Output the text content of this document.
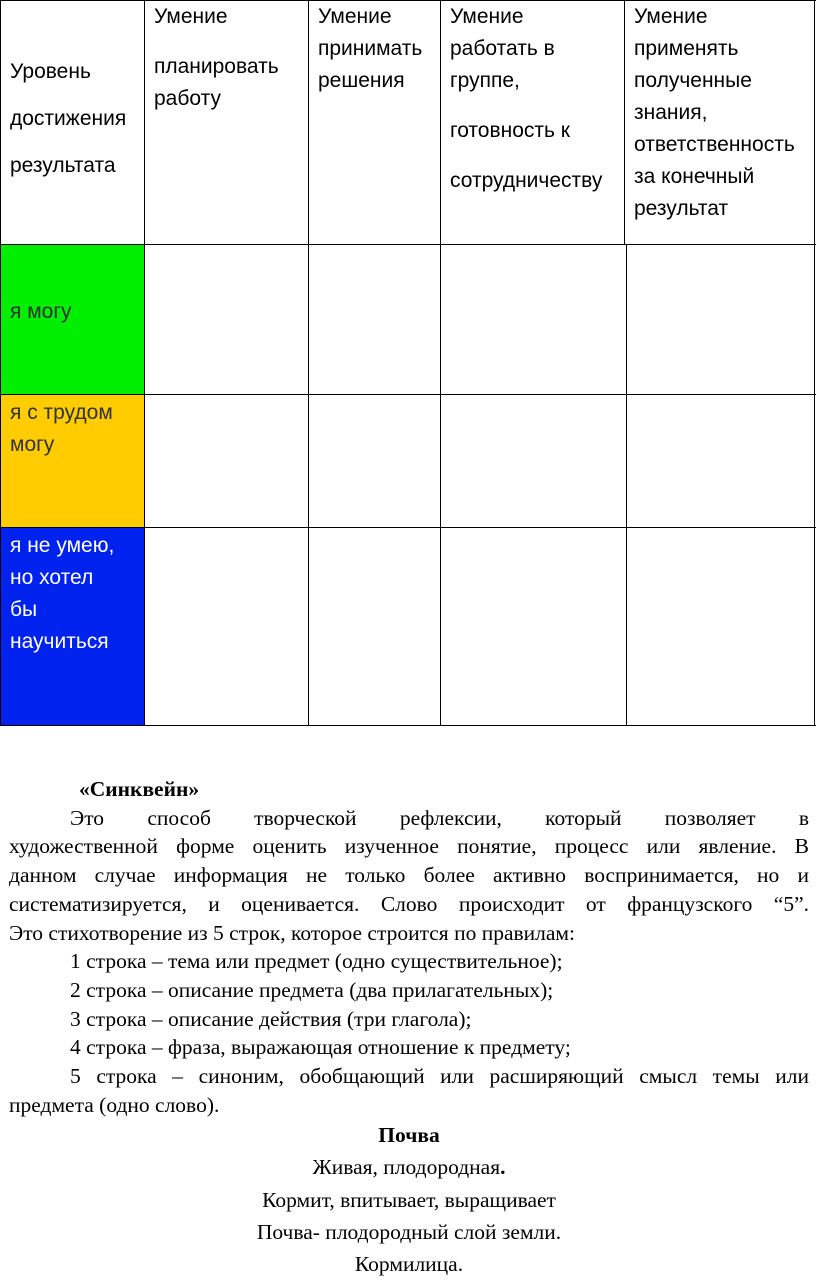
я могу
я с трудом
могу
я не умею,
но хотел
бы
научиться
Уровень
достижения
результата
Умение
планировать
работу
Умение
принимать
решения
Умение
работать в
группе,
готовность к
сотрудничеству
Умение
применять
полученные
знания,
ответственность
за конечный
результат
«Синквейн»
Это способ творческой рефлексии, который позволяет в
художественной форме оценить изученное понятие, процесс или явление. В
данном случае информация не только более активно воспринимается, но и
систематизируется, и оценивается. Слово происходит от французского “5”.
Это стихотворение из 5 строк, которое строится по правилам:
1 строка – тема или предмет (одно существительное);
2 строка – описание предмета (два прилагательных);
3 строка – описание действия (три глагола);
4 строка – фраза, выражающая отношение к предмету;
5 строка – синоним, обобщающий или расширяющий смысл темы или
предмета (одно слово).
Почва
Живая, плодородная.
Кормит, впитывает, выращивает
Почва- плодородный слой земли.
Кормилица.
